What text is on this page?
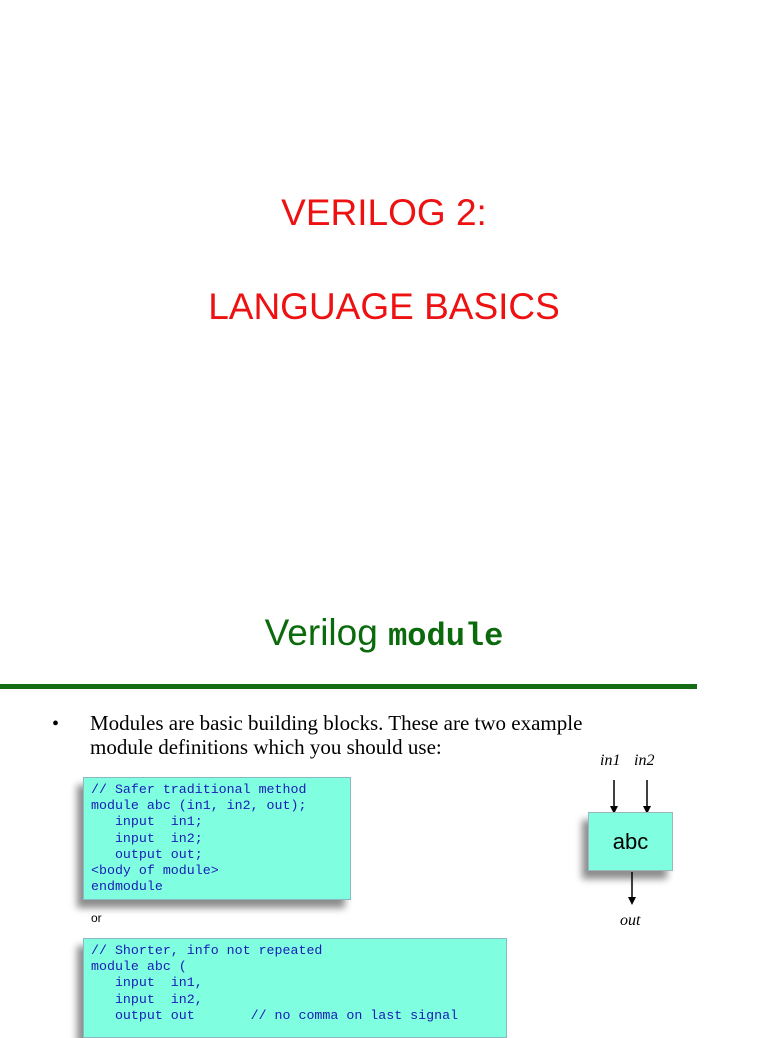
VERILOG 2:
LANGUAGE BASICS
Verilog module
• Modules are basic building blocks. These are two example module definitions which you should use:
// Safer traditional method
module abc (in1, in2, out);
input  in1;
input  in2;
output out;
<body of module>
endmodule
or
// Shorter, info not repeated
module abc (
input  in1,
input  in2,
output out       // no comma on last signal
in1 in2
abc
out
